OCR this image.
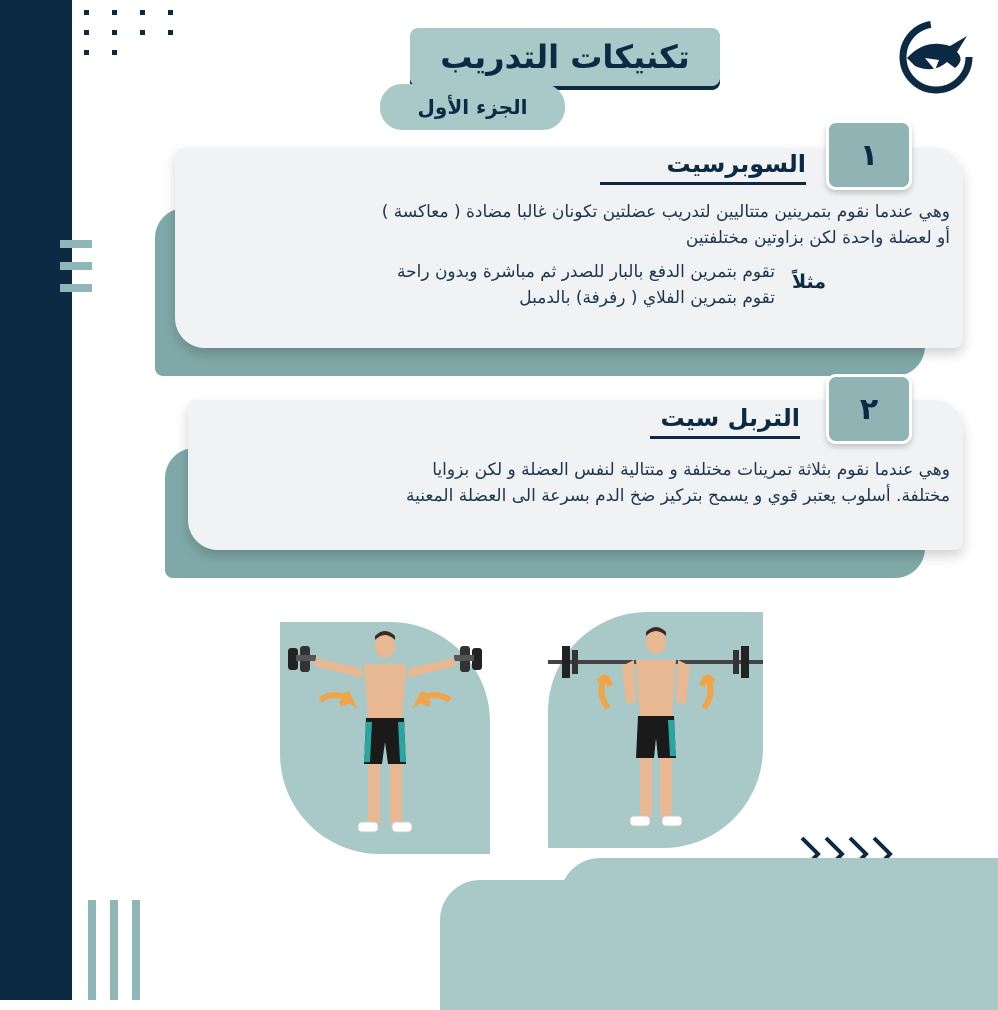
تكنيكات التدريب
الجزء الأول
١
السوبرسيت
وهي عندما نقوم بتمرينين متتاليين لتدريب عضلتين تكونان غالبا مضادة ( معاكسة )
أو لعضلة واحدة لكن بزاوتين مختلفتين
مثلاً
تقوم بتمرين الدفع بالبار للصدر ثم مباشرة وبدون راحة
تقوم بتمرين الفلاي ( رفرفة) بالدمبل
٢
التربل سيت
وهي عندما نقوم بثلاثة تمرينات مختلفة و متتالية لنفس العضلة و لكن بزوايا
مختلفة. أسلوب يعتبر قوي و يسمح بتركيز ضخ الدم بسرعة الى العضلة المعنية
